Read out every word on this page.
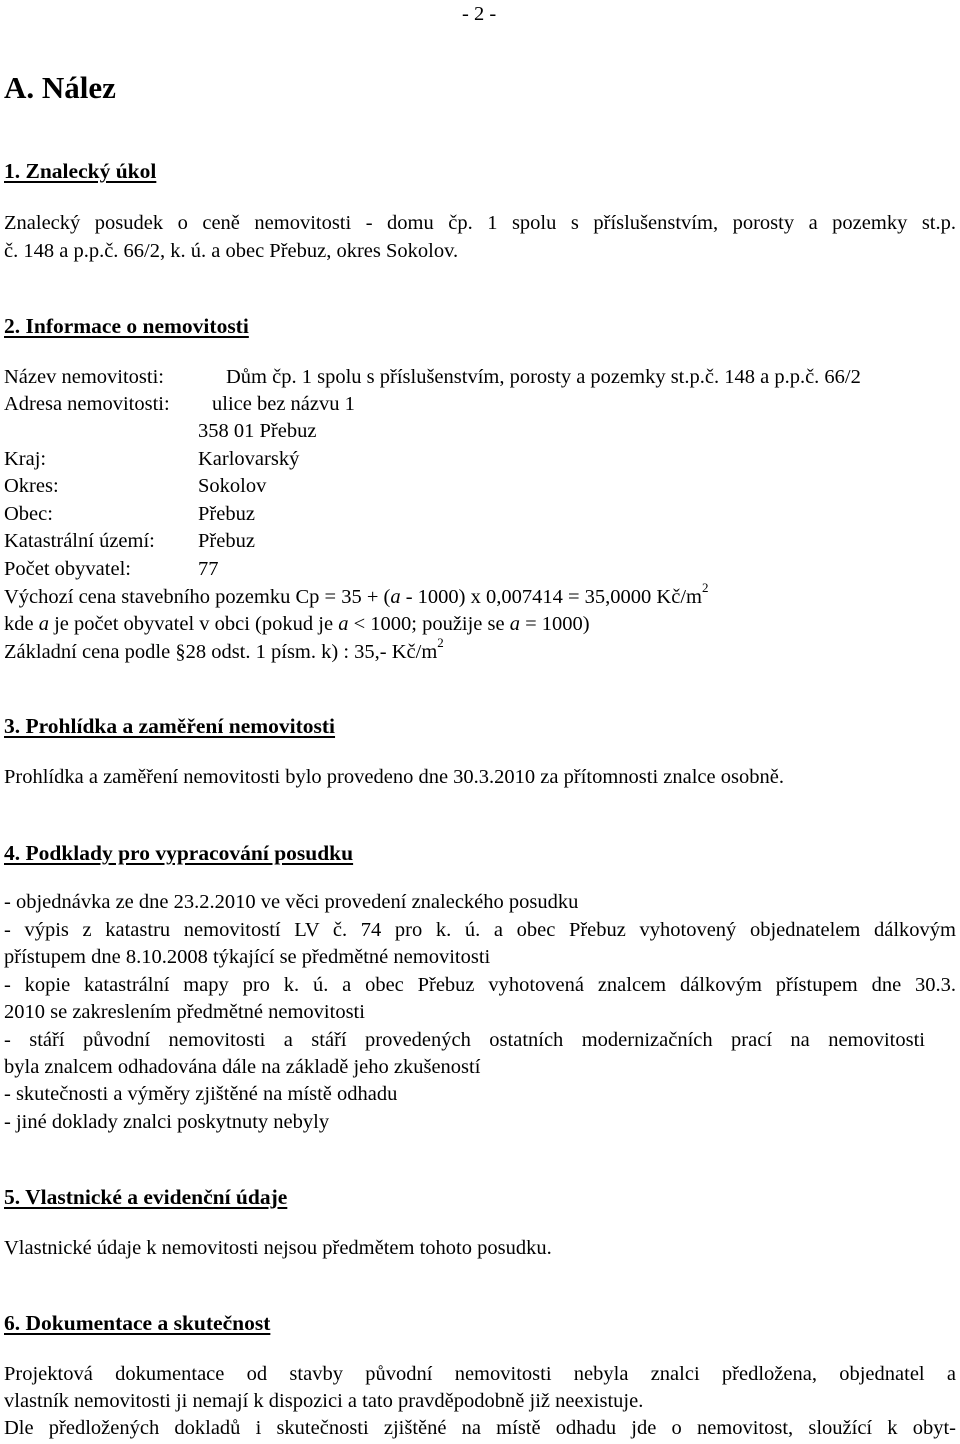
- 2 -
A. Nález
1. Znalecký úkol
Znalecký posudek o ceně nemovitosti - domu čp. 1 spolu s příslušenstvím, porosty a pozemky st.p.
č. 148 a p.p.č. 66/2, k. ú. a obec Přebuz, okres Sokolov.
2. Informace o nemovitosti
Název nemovitosti:	Dům čp. 1 spolu s příslušenstvím, porosty a pozemky st.p.č. 148 a p.p.č. 66/2
Adresa nemovitosti: ulice bez názvu 1
358 01 Přebuz
Kraj:	Karlovarský
Okres:	Sokolov
Obec:	Přebuz
Katastrální území: Přebuz
Počet obyvatel:	77
Výchozí cena stavebního pozemku Cp = 35 + (a - 1000) x 0,007414 = 35,0000 $Kč/m^2$
kde a je počet obyvatel v obci (pokud je a < 1000; použije se a = 1000)
Základní cena podle §28 odst. 1 písm. k) : 35,- $Kč/m^2$
3. Prohlídka a zaměření nemovitosti
Prohlídka a zaměření nemovitosti bylo provedeno dne 30.3.2010 za přítomnosti znalce osobně.
4. Podklady pro vypracování posudku
- objednávka ze dne 23.2.2010 ve věci provedení znaleckého posudku
- výpis z katastru nemovitostí LV č. 74 pro k. ú. a obec Přebuz vyhotovený objednatelem dálkovým
přístupem dne 8.10.2008 týkající se předmětné nemovitosti
- kopie katastrální mapy pro k. ú. a obec Přebuz vyhotovená znalcem dálkovým přístupem dne 30.3.
2010 se zakreslením předmětné nemovitosti
- stáří původní nemovitosti a stáří provedených ostatních modernizačních prací na nemovitosti
byla znalcem odhadována dále na základě jeho zkušeností
- skutečnosti a výměry zjištěné na místě odhadu
- jiné doklady znalci poskytnuty nebyly
5. Vlastnické a evidenční údaje
Vlastnické údaje k nemovitosti nejsou předmětem tohoto posudku.
6. Dokumentace a skutečnost
Projektová dokumentace od stavby původní nemovitosti nebyla znalci předložena, objednatel a
vlastník nemovitosti ji nemají k dispozici a tato pravděpodobně již neexistuje.
Dle předložených dokladů i skutečnosti zjištěné na místě odhadu jde o nemovitost, sloužící k obyt-
